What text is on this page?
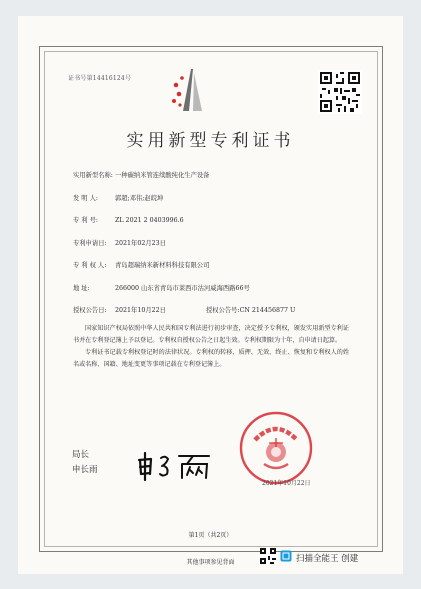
证书号第14416124号
实用新型专利证书
实用新型名称: 一种碳纳米管连续酸纯化生产设备
发 明 人:	郭超;邓伟;赵皖坤
专 利 号:	ZL 2021 2 0403996.6
专利申请日: 2021年02月23日
专 利 权 人: 青岛超瑞纳米新材料科技有限公司
地 址:	266000 山东省青岛市莱西市沽河威海西路66号
授权公告日: 2021年10月22日	授权公告号:CN 214456877 U
国家知识产权局依照中华人民共和国专利法进行初步审查，决定授予专利权，颁发实用新型专利证书并在专利登记簿上予以登记。专利权自授权公告之日起生效。专利权期限为十年，自申请日起算。
专利证书记载专利权登记时的法律状况。专利权的转移、质押、无效、终止、恢复和专利权人的姓名或名称、国籍、地址变更等事项记载在专利登记簿上。
局长
申长雨
2021年10月22日
第1页（共2页）
其他事项参见背面	扫描全能王 创建
